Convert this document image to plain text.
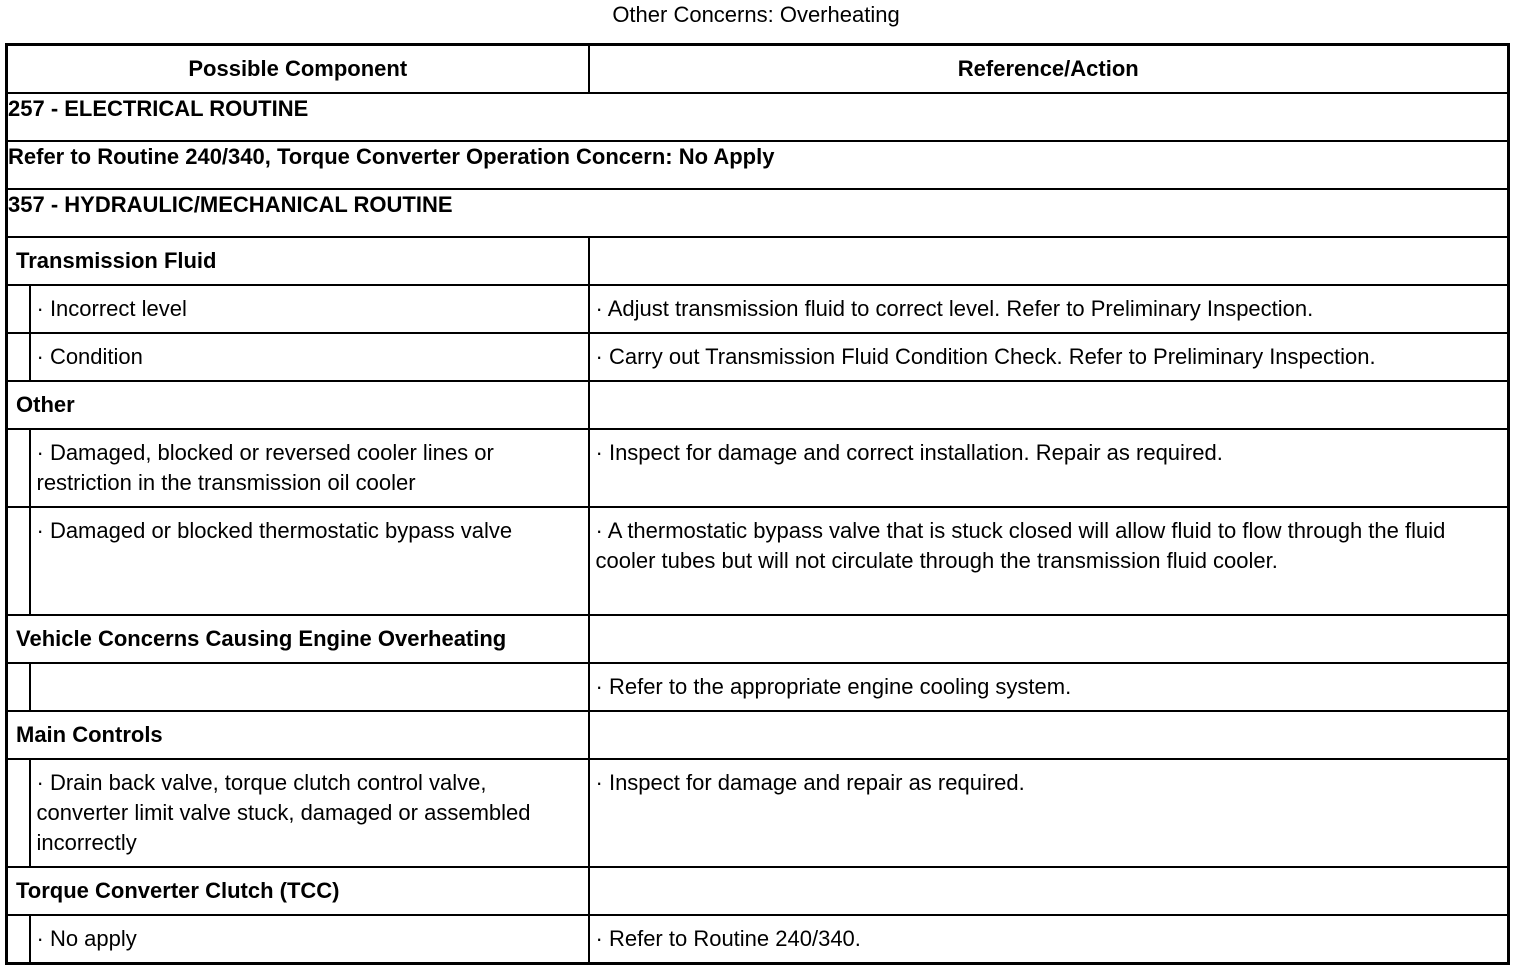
Other Concerns: Overheating
Possible Component		Reference/Action
257 - ELECTRICAL ROUTINE		
Refer to Routine 240/340, Torque Converter Operation Concern: No Apply		
357 - HYDRAULIC/MECHANICAL ROUTINE		
Transmission Fluid		
	· Incorrect level	· Adjust transmission fluid to correct level. Refer to Preliminary Inspection.
	· Condition	· Carry out Transmission Fluid Condition Check. Refer to Preliminary Inspection.
Other		
	· Damaged, blocked or reversed cooler lines or restriction in the transmission oil cooler	· Inspect for damage and correct installation. Repair as required.
	· Damaged or blocked thermostatic bypass valve	· A thermostatic bypass valve that is stuck closed will allow fluid to flow through the fluid cooler tubes but will not circulate through the transmission fluid cooler.
Vehicle Concerns Causing Engine Overheating		
		· Refer to the appropriate engine cooling system.
Main Controls		
	· Drain back valve, torque clutch control valve, converter limit valve stuck, damaged or assembled incorrectly	· Inspect for damage and repair as required.
Torque Converter Clutch (TCC)		
	· No apply	· Refer to Routine 240/340.
